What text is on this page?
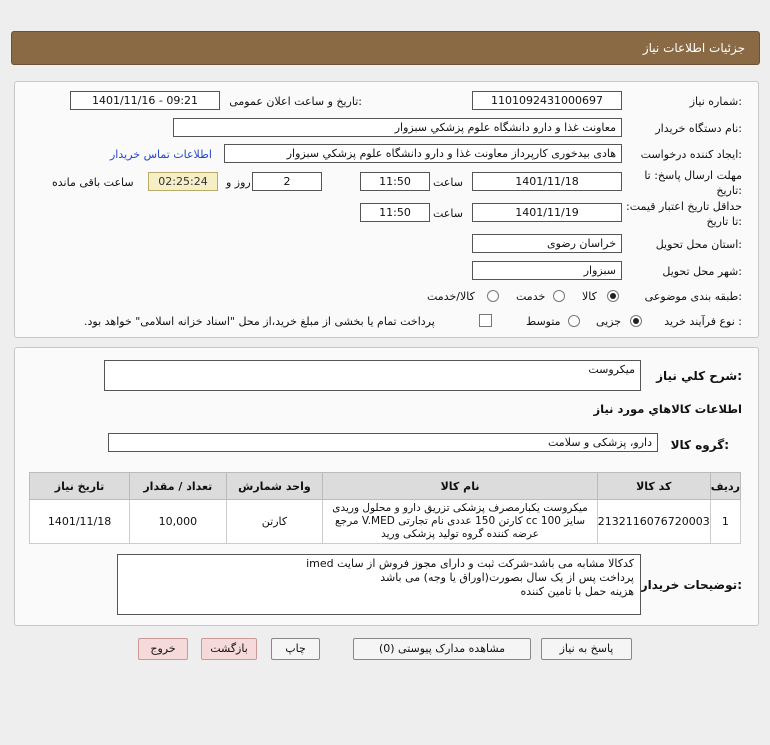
جزئیات اطلاعات نیاز
شماره نیاز:
1101092431000697
تاریخ و ساعت اعلان عمومی:
1401/11/16 - 09:21
نام دستگاه خریدار:
معاونت غذا و دارو دانشگاه علوم پزشکي سبزوار
ایجاد کننده درخواست:
هادی بیدخوری کارپرداز معاونت غذا و دارو دانشگاه علوم پزشکي سبزوار
اطلاعات تماس خریدار
مهلت ارسال پاسخ: تا تاریخ:
1401/11/18
ساعت
11:50
2
روز و
02:25:24
ساعت باقی مانده
حداقل تاریخ اعتبار قیمت: تا تاریخ:
1401/11/19
ساعت
11:50
استان محل تحویل:
خراسان رضوی
شهر محل تحویل:
سبزوار
طبقه بندی موضوعی:
کالا
خدمت
کالا/خدمت
نوع فرآیند خرید :
جزیی
متوسط
پرداخت تمام یا بخشی از مبلغ خرید،از محل "اسناد خزانه اسلامی" خواهد بود.
شرح کلي نياز:
میکروست
اطلاعات کالاهاي مورد نياز
گروه کالا:
دارو، پزشکی و سلامت
تاریخ نیاز	تعداد / مقدار	واحد شمارش	نام کالا	کد کالا	ردیف
1401/11/18	10,000	کارتن	میکروست یکبارمصرف پزشکی تزریق دارو و محلول وریدی سایز cc 100 کارتن 150 عددی نام تجارتی V.MED مرجع عرضه کننده گروه تولید پزشکی ورید	2132116076720003	1
توضیحات خریدار:
کدکالا مشابه می باشد-شرکت ثبت و دارای مجوز فروش از سایت imed
پرداخت پس از یک سال بصورت(اوراق یا وجه) می باشد
هزینه حمل با تامین کننده
پاسخ به نیاز
مشاهده مدارک پیوستی (0)
چاپ
بازگشت
خروج
